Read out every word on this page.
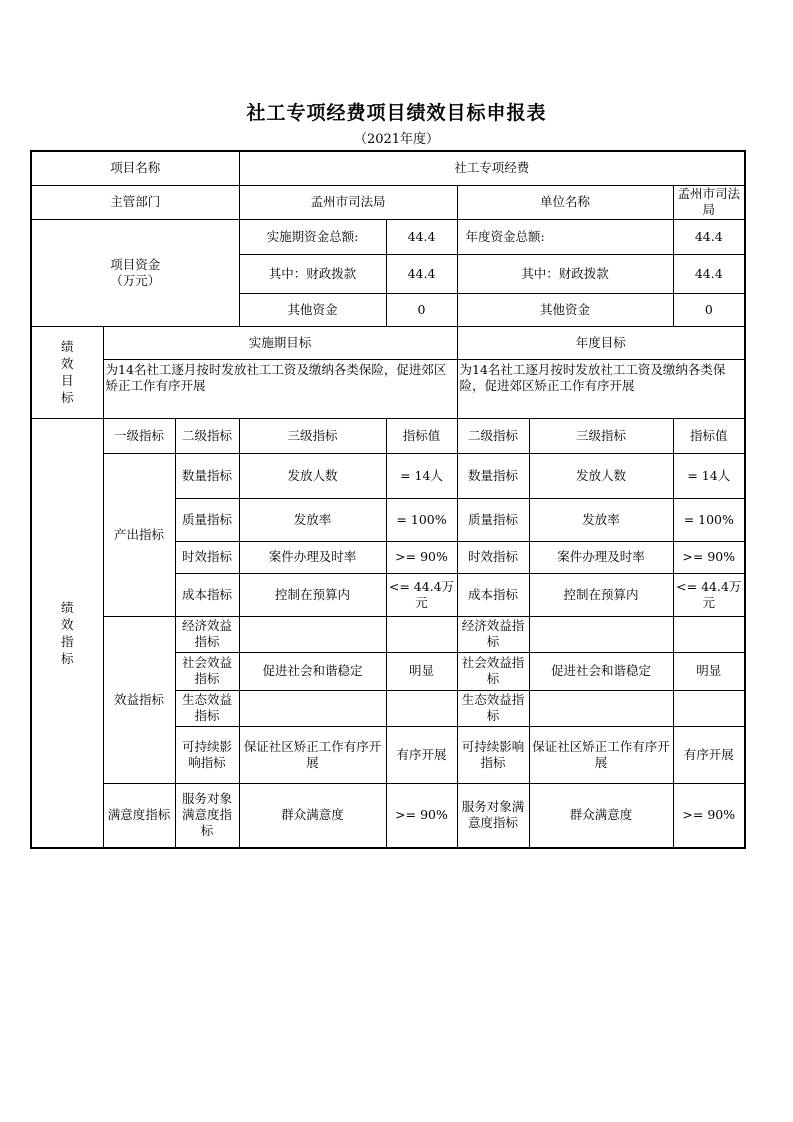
社工专项经费项目绩效目标申报表
（2021年度）
项目名称			社工专项经费				
主管部门			孟州市司法局		单位名称		孟州市司法局

项目资金
（万元）			实施期资金总额:	44.4	年度资金总额:		44.4
			其中：财政拨款	44.4	其中：财政拨款		44.4
			其他资金	0	其他资金		0
绩效目标	实施期目标				年度目标		
	为14名社工逐月按时发放社工工资及缴纳各类保险，促进郊区矫正工作有序开展				为14名社工逐月按时发放社工工资及缴纳各类保险，促进郊区矫正工作有序开展		
绩效指标	一级指标	二级指标	三级指标	指标值	二级指标	三级指标	指标值
	产出指标	数量指标	发放人数	= 14人	数量指标	发放人数	= 14人
		质量指标	发放率	= 100%	质量指标	发放率	= 100%
		时效指标	案件办理及时率	>= 90%	时效指标	案件办理及时率	>= 90%
		成本指标	控制在预算内	<= 44.4万元	成本指标	控制在预算内	<= 44.4万元
	效益指标	经济效益指标			经济效益指标		
		社会效益指标	促进社会和谐稳定	明显	社会效益指标	促进社会和谐稳定	明显
		生态效益指标			生态效益指标		
		可持续影响指标	保证社区矫正工作有序开展	有序开展	可持续影响指标	保证社区矫正工作有序开展	有序开展
	满意度指标	服务对象满意度指标	群众满意度	>= 90%	服务对象满意度指标	群众满意度	>= 90%
